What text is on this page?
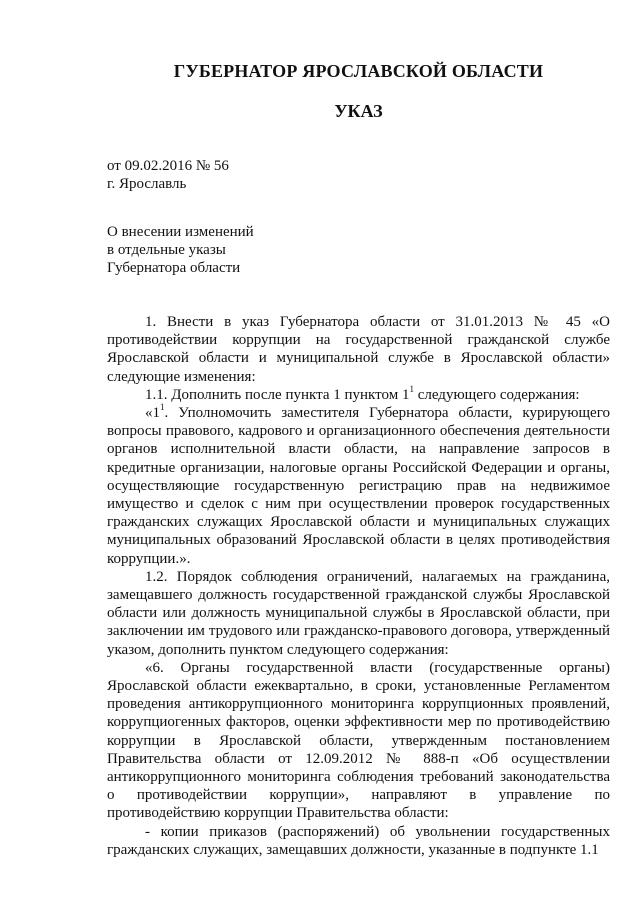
ГУБЕРНАТОР ЯРОСЛАВСКОЙ ОБЛАСТИ
УКАЗ
от 09.02.2016 № 56
г. Ярославль
О внесении изменений
в отдельные указы
Губернатора области

1. Внести в указ Губернатора области от 31.01.2013 № 45 «О противодействии коррупции на государственной гражданской службе Ярославской области и муниципальной службе в Ярославской области» следующие изменения:

1.1. Дополнить после пункта 1 пунктом $1^1$ следующего содержания:

«$1^1$. Уполномочить заместителя Губернатора области, курирующего вопросы правового, кадрового и организационного обеспечения деятельности органов исполнительной власти области, на направление запросов в кредитные организации, налоговые органы Российской Федерации и органы, осуществляющие государственную регистрацию прав на недвижимое имущество и сделок с ним при осуществлении проверок государственных гражданских служащих Ярославской области и муниципальных служащих муниципальных образований Ярославской области в целях противодействия коррупции.».

1.2. Порядок соблюдения ограничений, налагаемых на гражданина, замещавшего должность государственной гражданской службы Ярославской области или должность муниципальной службы в Ярославской области, при заключении им трудового или гражданско-правового договора, утвержденный указом, дополнить пунктом следующего содержания:

«6. Органы государственной власти (государственные органы) Ярославской области ежеквартально, в сроки, установленные Регламентом проведения антикоррупционного мониторинга коррупционных проявлений, коррупциогенных факторов, оценки эффективности мер по противодействию коррупции в Ярославской области, утвержденным постановлением Правительства области от 12.09.2012 № 888-п «Об осуществлении антикоррупционного мониторинга соблюдения требований законодательства о противодействии коррупции», направляют в управление по противодействию коррупции Правительства области:

- копии приказов (распоряжений) об увольнении государственных гражданских служащих, замещавших должности, указанные в подпункте 1.1
